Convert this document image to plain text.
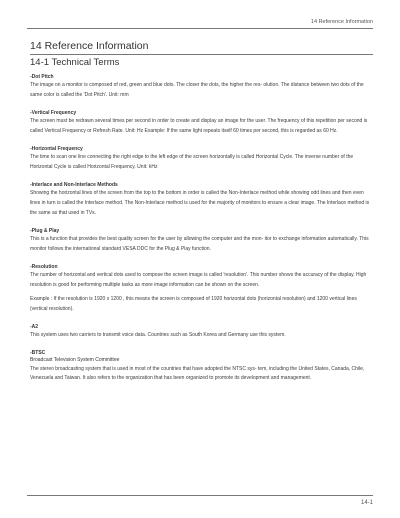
14 Reference Information
14 Reference Information
14-1 Technical Terms
-Dot Pitch

The image on a monitor is composed of red, green and blue dots. The closer the dots, the higher the res- olution. The distance between two dots of the same color is called the 'Dot Pitch'. Unit: mm

-Vertical Frequency

The screen must be redrawn several times per second in order to create and display an image for the user. The frequency of this repetition per second is called Vertical Frequency or Refresh Rate. Unit: Hz Example: If the same light repeats itself 60 times per second, this is regarded as 60 Hz.

-Horizontal Frequency

The time to scan one line connecting the right edge to the left edge of the screen horizontally is called Horizontal Cycle. The inverse number of the Horizontal Cycle is called Horizontal Frequency. Unit: kHz

-Interlace and Non-Interlace Methods

Showing the horizontal lines of the screen from the top to the bottom in order is called the Non-Interlace method while showing odd lines and then even lines in turn is called the Interlace method. The Non-Interlace method is used for the majority of monitors to ensure a clear image. The Interlace method is the same as that used in TVs.

-Plug & Play

This is a function that provides the best quality screen for the user by allowing the computer and the mon- itor to exchange information automatically. This monitor follows the international standard VESA DDC for the Plug & Play function.

-Resolution

The number of horizontal and vertical dots used to compose the screen image is called 'resolution'. This number shows the accuracy of the display. High resolution is good for performing multiple tasks as more image information can be shown on the screen.

Example : If the resolution is 1920 x 1200 , this means the screen is composed of 1920 horizontal dots (horizontal resolution) and 1200 vertical lines (vertical resolution).

-A2

This system uses two carriers to transmit voice data. Countries such as South Korea and Germany use this system.

-BTSC
Broadcast Television System Committee

The stereo broadcasting system that is used in most of the countries that have adopted the NTSC sys- tem, including the United States, Canada, Chile, Venezuela and Taiwan. It also refers to the organization that has been organized to promote its development and management.

14-1
